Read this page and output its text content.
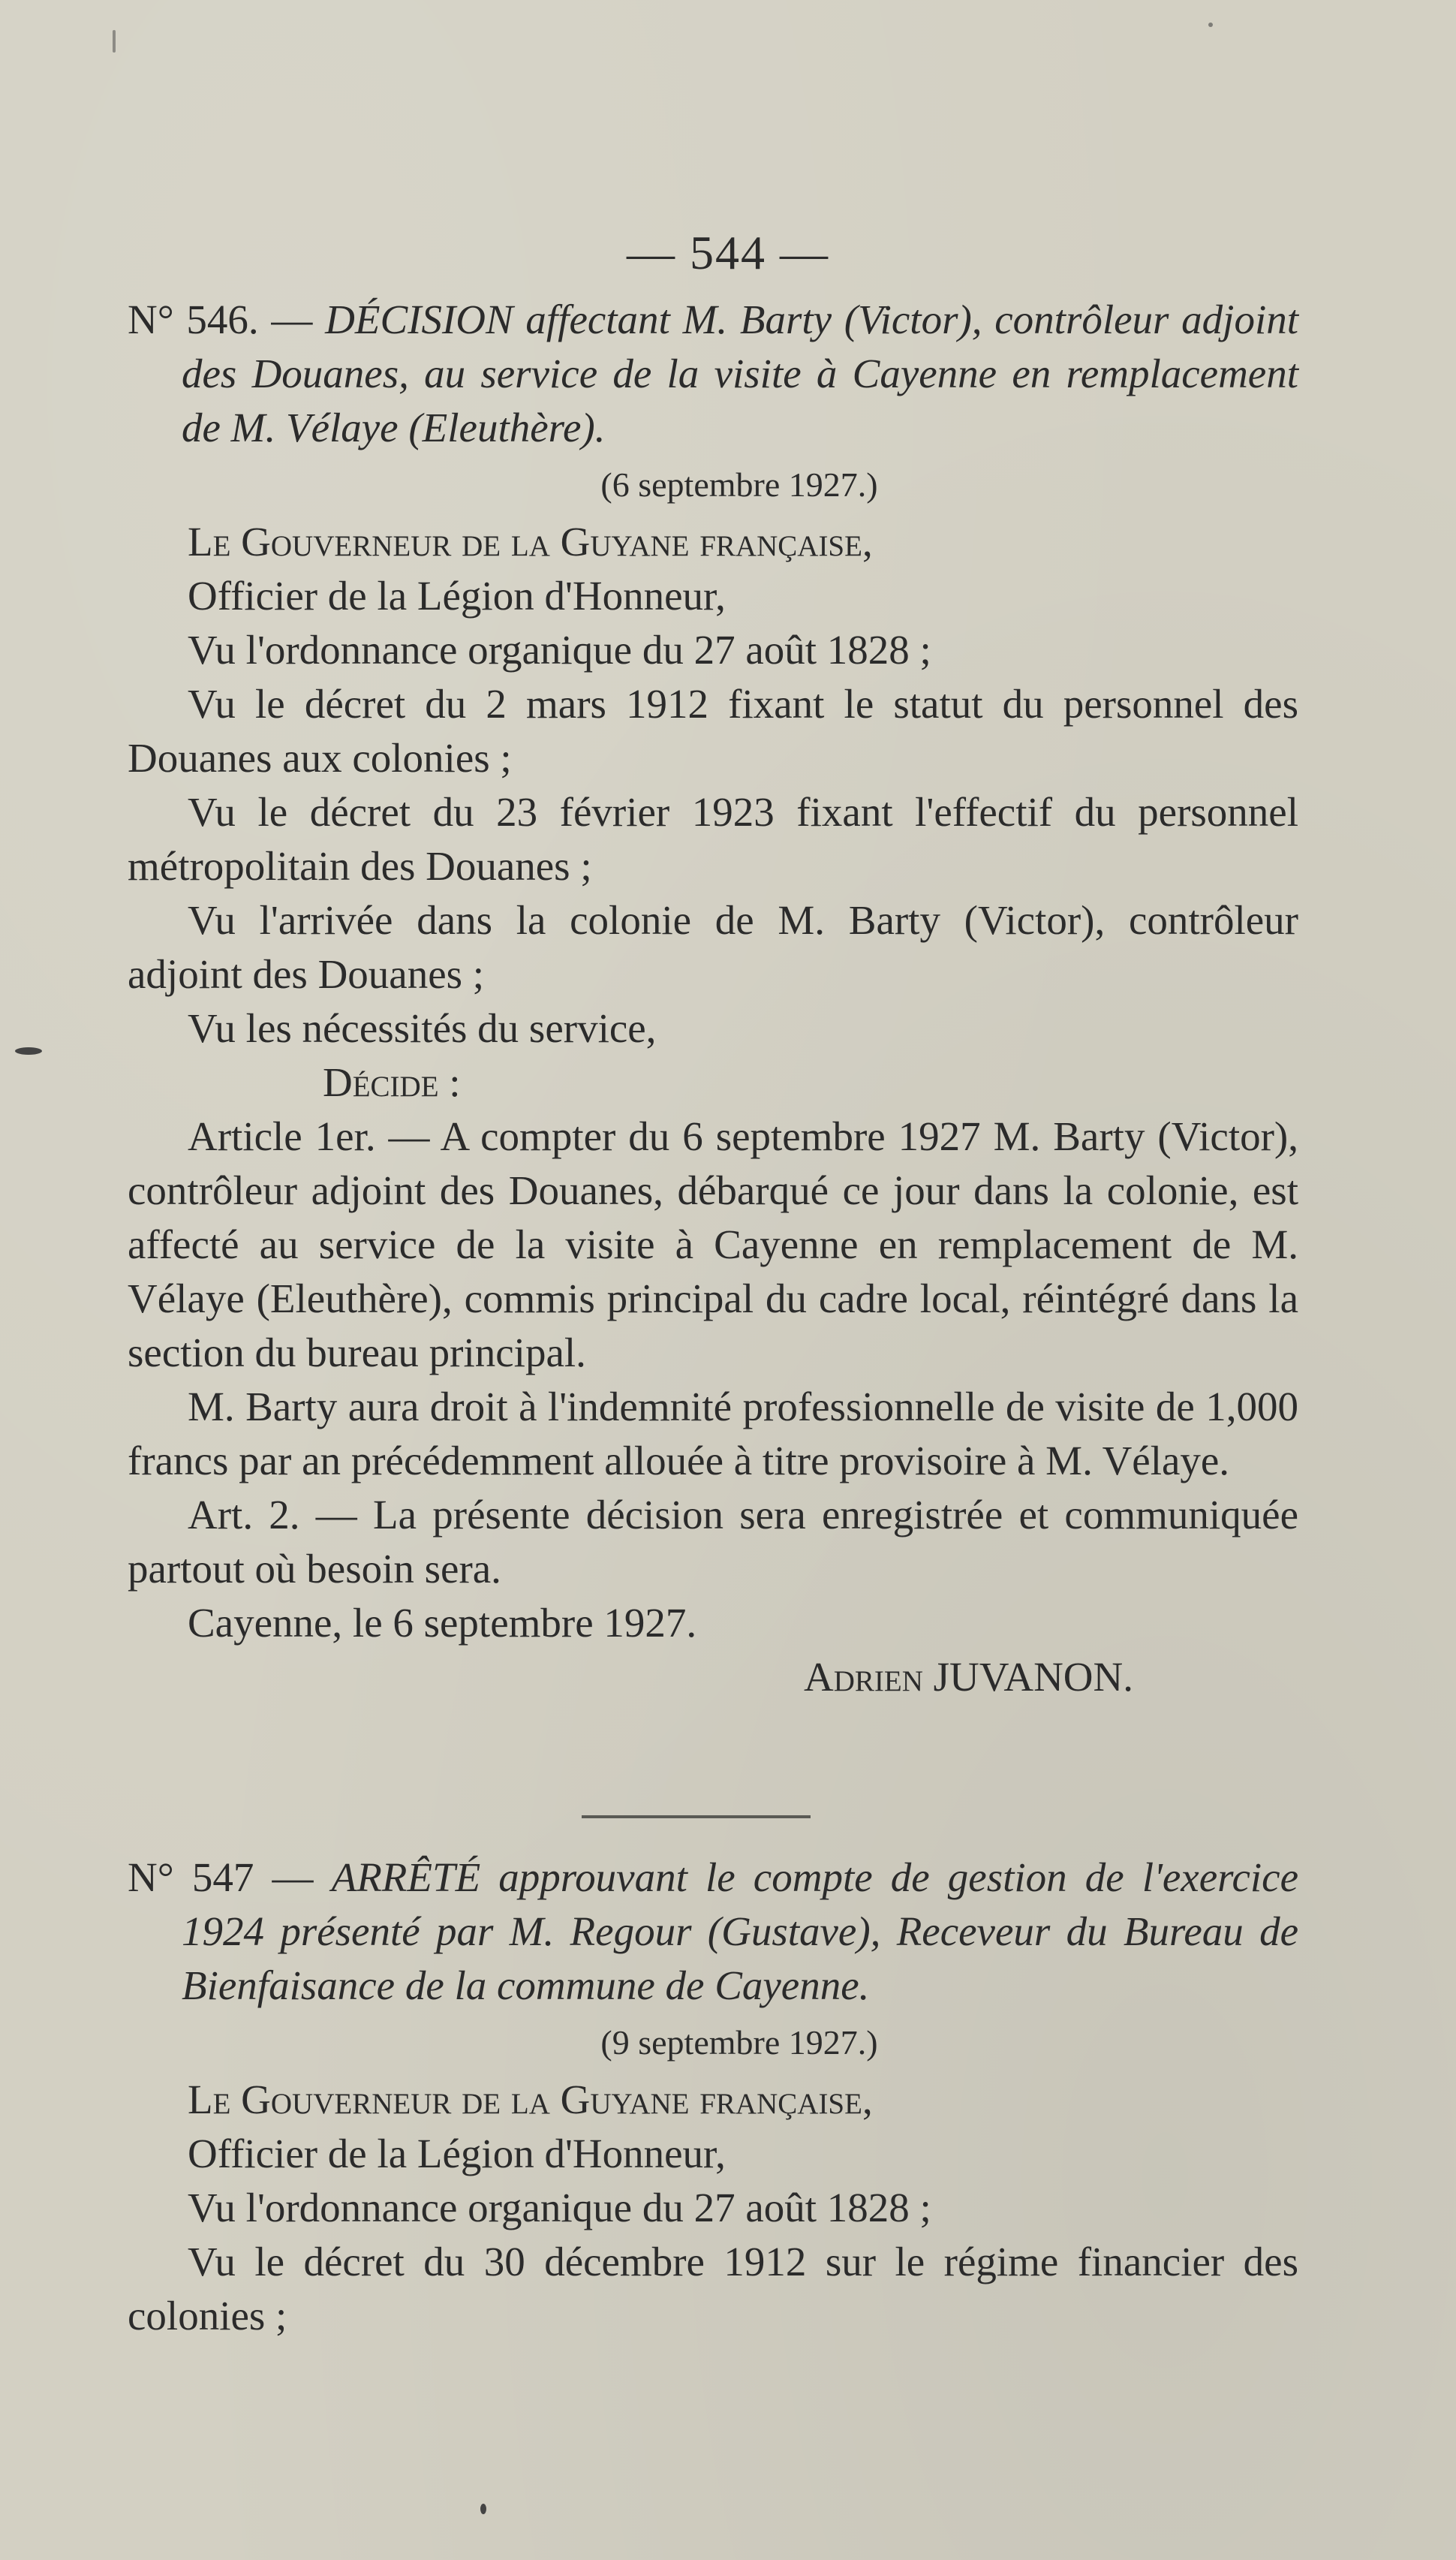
— 544 —

N° 546. — DÉCISION affectant M. Barty (Victor), contrôleur adjoint des Douanes, au service de la visite à Cayenne en remplacement de M. Vélaye (Eleuthère).

(6 septembre 1927.)

Le Gouverneur de la Guyane française,

Officier de la Légion d'Honneur,

Vu l'ordonnance organique du 27 août 1828 ;

Vu le décret du 2 mars 1912 fixant le statut du personnel des Douanes aux colonies ;

Vu le décret du 23 février 1923 fixant l'effectif du personnel métropolitain des Douanes ;

Vu l'arrivée dans la colonie de M. Barty (Victor), contrôleur adjoint des Douanes ;

Vu les nécessités du service,

Décide :

Article 1er. — A compter du 6 septembre 1927 M. Barty (Victor), contrôleur adjoint des Douanes, débarqué ce jour dans la colonie, est affecté au service de la visite à Cayenne en remplacement de M. Vélaye (Eleuthère), commis principal du cadre local, réintégré dans la section du bureau principal.

M. Barty aura droit à l'indemnité professionnelle de visite de 1,000 francs par an précédemment allouée à titre provisoire à M. Vélaye.

Art. 2. — La présente décision sera enregistrée et communiquée partout où besoin sera.

Cayenne, le 6 septembre 1927.

Adrien JUVANON.

N° 547 — ARRÊTÉ approuvant le compte de gestion de l'exercice 1924 présenté par M. Regour (Gustave), Receveur du Bureau de Bienfaisance de la commune de Cayenne.

(9 septembre 1927.)

Le Gouverneur de la Guyane française,

Officier de la Légion d'Honneur,

Vu l'ordonnance organique du 27 août 1828 ;

Vu le décret du 30 décembre 1912 sur le régime financier des colonies ;
